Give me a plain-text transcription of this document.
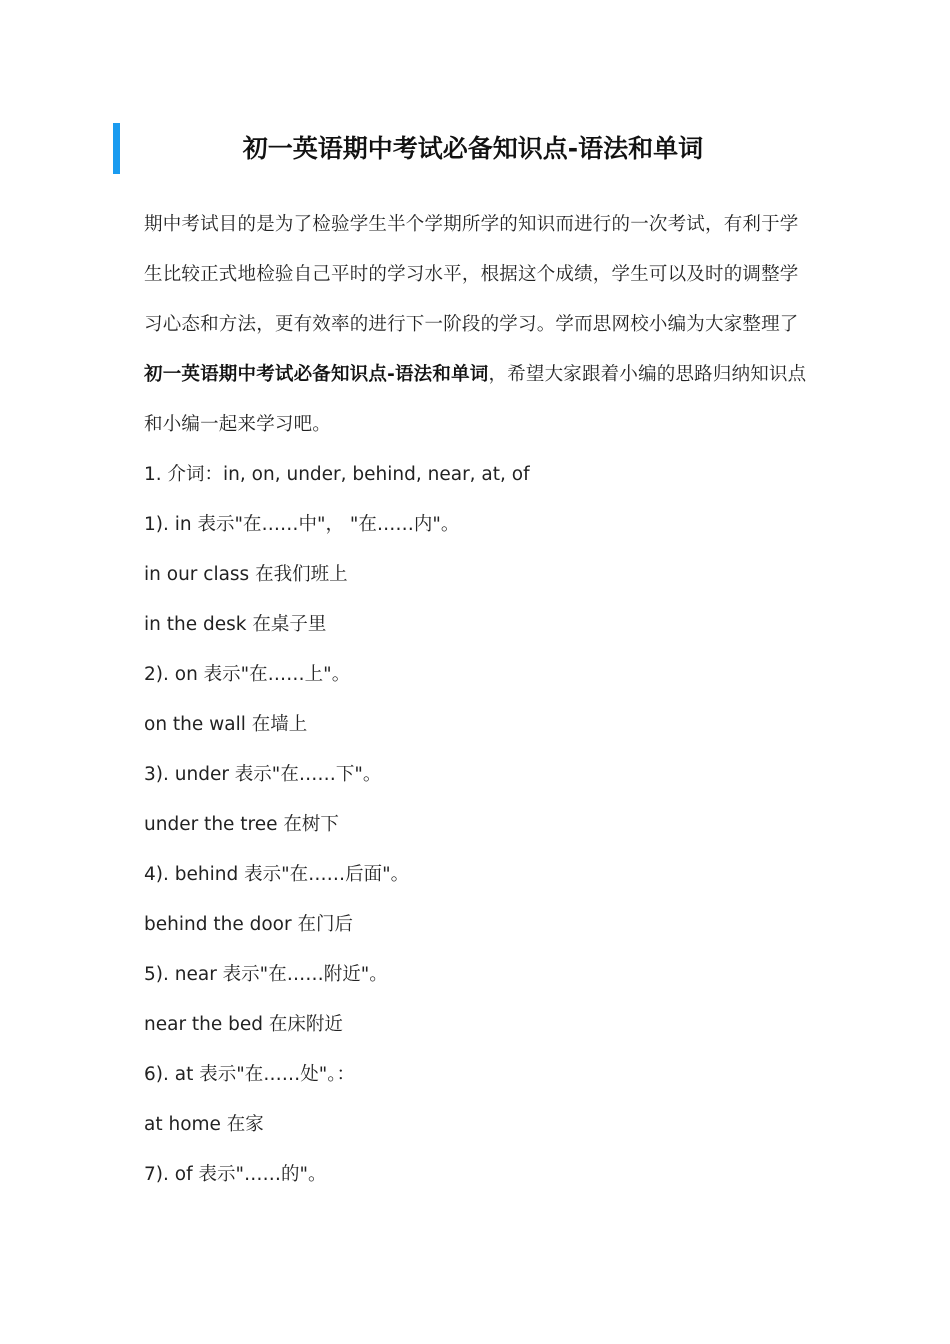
初一英语期中考试必备知识点-语法和单词

期中考试目的是为了检验学生半个学期所学的知识而进行的一次考试，有利于学生比较正式地检验自己平时的学习水平，根据这个成绩，学生可以及时的调整学习心态和方法，更有效率的进行下一阶段的学习。学而思网校小编为大家整理了初一英语期中考试必备知识点-语法和单词，希望大家跟着小编的思路归纳知识点和小编一起来学习吧。

1. 介词：in, on, under, behind, near, at, of

1). in 表示"在……中"， "在……内"。

in our class 在我们班上

in the desk 在桌子里

2). on 表示"在……上"。

on the wall 在墙上

3). under 表示"在……下"。

under the tree 在树下

4). behind 表示"在……后面"。

behind the door 在门后

5). near 表示"在……附近"。

near the bed 在床附近

6). at 表示"在……处"。：

at home 在家

7). of 表示"……的"。
